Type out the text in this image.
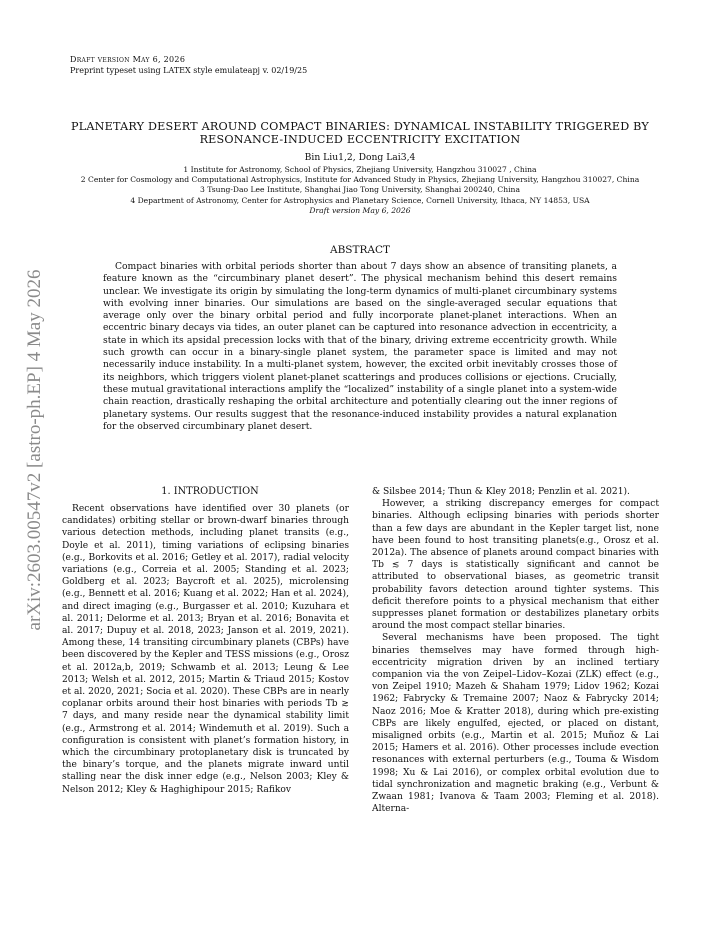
Draft version May 6, 2026
Preprint typeset using LATEX style emulateapj v. 02/19/25
arXiv:2603.00547v2 [astro-ph.EP] 4 May 2026
PLANETARY DESERT AROUND COMPACT BINARIES: DYNAMICAL INSTABILITY TRIGGERED BY RESONANCE-INDUCED ECCENTRICITY EXCITATION
Bin Liu1,2, Dong Lai3,4
1 Institute for Astronomy, School of Physics, Zhejiang University, Hangzhou 310027 , China
2 Center for Cosmology and Computational Astrophysics, Institute for Advanced Study in Physics, Zhejiang University, Hangzhou 310027, China
3 Tsung-Dao Lee Institute, Shanghai Jiao Tong University, Shanghai 200240, China
4 Department of Astronomy, Center for Astrophysics and Planetary Science, Cornell University, Ithaca, NY 14853, USA
Draft version May 6, 2026
ABSTRACT
Compact binaries with orbital periods shorter than about 7 days show an absence of transiting planets, a feature known as the “circumbinary planet desert”. The physical mechanism behind this desert remains unclear. We investigate its origin by simulating the long-term dynamics of multi-planet circumbinary systems with evolving inner binaries. Our simulations are based on the single-averaged secular equations that average only over the binary orbital period and fully incorporate planet-planet interactions. When an eccentric binary decays via tides, an outer planet can be captured into resonance advection in eccentricity, a state in which its apsidal precession locks with that of the binary, driving extreme eccentricity growth. While such growth can occur in a binary-single planet system, the parameter space is limited and may not necessarily induce instability. In a multi-planet system, however, the excited orbit inevitably crosses those of its neighbors, which triggers violent planet-planet scatterings and produces collisions or ejections. Crucially, these mutual gravitational interactions amplify the “localized” instability of a single planet into a system-wide chain reaction, drastically reshaping the orbital architecture and potentially clearing out the inner regions of planetary systems. Our results suggest that the resonance-induced instability provides a natural explanation for the observed circumbinary planet desert.
1. INTRODUCTION

Recent observations have identified over 30 planets (or candidates) orbiting stellar or brown-dwarf binaries through various detection methods, including planet transits (e.g., Doyle et al. 2011), timing variations of eclipsing binaries (e.g., Borkovits et al. 2016; Getley et al. 2017), radial velocity variations (e.g., Correia et al. 2005; Standing et al. 2023; Goldberg et al. 2023; Baycroft et al. 2025), microlensing (e.g., Bennett et al. 2016; Kuang et al. 2022; Han et al. 2024), and direct imaging (e.g., Burgasser et al. 2010; Kuzuhara et al. 2011; Delorme et al. 2013; Bryan et al. 2016; Bonavita et al. 2017; Dupuy et al. 2018, 2023; Janson et al. 2019, 2021). Among these, 14 transiting circumbinary planets (CBPs) have been discovered by the Kepler and TESS missions (e.g., Orosz et al. 2012a,b, 2019; Schwamb et al. 2013; Leung & Lee 2013; Welsh et al. 2012, 2015; Martin & Triaud 2015; Kostov et al. 2020, 2021; Socia et al. 2020). These CBPs are in nearly coplanar orbits around their host binaries with periods Tb ≳ 7 days, and many reside near the dynamical stability limit (e.g., Armstrong et al. 2014; Windemuth et al. 2019). Such a configuration is consistent with planet’s formation history, in which the circumbinary protoplanetary disk is truncated by the binary’s torque, and the planets migrate inward until stalling near the disk inner edge (e.g., Nelson 2003; Kley & Nelson 2012; Kley & Haghighipour 2015; Rafikov

& Silsbee 2014; Thun & Kley 2018; Penzlin et al. 2021).

However, a striking discrepancy emerges for compact binaries. Although eclipsing binaries with periods shorter than a few days are abundant in the Kepler target list, none have been found to host transiting planets(e.g., Orosz et al. 2012a). The absence of planets around compact binaries with Tb ≲ 7 days is statistically significant and cannot be attributed to observational biases, as geometric transit probability favors detection around tighter systems. This deficit therefore points to a physical mechanism that either suppresses planet formation or destabilizes planetary orbits around the most compact stellar binaries.

Several mechanisms have been proposed. The tight binaries themselves may have formed through high-eccentricity migration driven by an inclined tertiary companion via the von Zeipel–Lidov–Kozai (ZLK) effect (e.g., von Zeipel 1910; Mazeh & Shaham 1979; Lidov 1962; Kozai 1962; Fabrycky & Tremaine 2007; Naoz & Fabrycky 2014; Naoz 2016; Moe & Kratter 2018), during which pre-existing CBPs are likely engulfed, ejected, or placed on distant, misaligned orbits (e.g., Martin et al. 2015; Muñoz & Lai 2015; Hamers et al. 2016). Other processes include evection resonances with external perturbers (e.g., Touma & Wisdom 1998; Xu & Lai 2016), or complex orbital evolution due to tidal synchronization and magnetic braking (e.g., Verbunt & Zwaan 1981; Ivanova & Taam 2003; Fleming et al. 2018). Alterna-
